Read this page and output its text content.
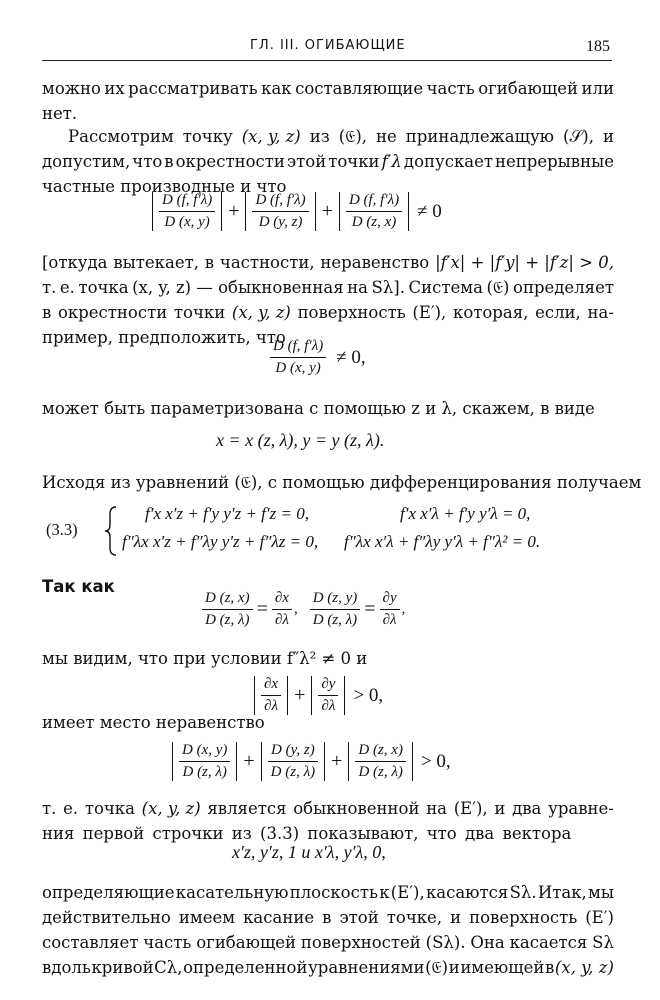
ГЛ. III. ОГИБАЮЩИЕ	185
можно их рассматривать как составляющие часть огибающей или
нет.
Рассмотрим точку (x, y, z) из (𝔈), не принадлежащую (𝒮), и
допустим, что в окрестности этой точки f′λ допускает непрерывные
частные производные и что
$\frac{D (f, f'\lambda)}{D (x, y)} + \frac{D (f, f'\lambda)}{D (y, z)} + \frac{D (f, f'\lambda)}{D (z, x)} \ne 0$
[откуда вытекает, в частности, неравенство |f′x| + |f′y| + |f′z| > 0,
т. е. точка (x, y, z) — обыкновенная на Sλ]. Система (𝔈) определяет
в окрестности точки (x, y, z) поверхность (E′), которая, если, на-
пример, предположить, что
$\frac{D (f, f'\lambda)}{D (x, y)} \ne 0$,
может быть параметризована с помощью z и λ, скажем, в виде
x = x (z, λ), y = y (z, λ).
Исходя из уравнений (𝔈), с помощью дифференцирования получаем
(3.3)
f′x x′z + f′y y′z + f′z = 0,	f′x x′λ + f′y y′λ = 0,
f″λx x′z + f″λy y′z + f″λz = 0, f″λx x′λ + f″λy y′λ + f″λ² = 0.
Так как
$\frac{D (z, x)}{D (z, \lambda)} = \frac{\partial x}{\partial\lambda}$ , $\frac{D (z, y)}{D (z, \lambda)} = \frac{\partial y}{\partial\lambda}$ ,
мы видим, что при условии f″λ² ≠ 0 и
$\frac{\partial x}{\partial\lambda} + \frac{\partial y}{\partial\lambda} > 0$,
имеет место неравенство
$\frac{D (x, y)}{D (z, \lambda)} + \frac{D (y, z)}{D (z, \lambda)} + \frac{D (z, x)}{D (z, \lambda)} > 0$,
т. е. точка (x, y, z) является обыкновенной на (E′), и два уравне-
ния первой строчки из (3.3) показывают, что два вектора
x′z, y′z, 1 и x′λ, y′λ, 0,
определяющие касательную плоскость к (E′), касаются Sλ. Итак, мы
действительно имеем касание в этой точке, и поверхность (E′)
составляет часть огибающей поверхностей (Sλ). Она касается Sλ
вдоль кривой Cλ, определенной уравнениями (𝔈) и имеющей в (x, y, z)
